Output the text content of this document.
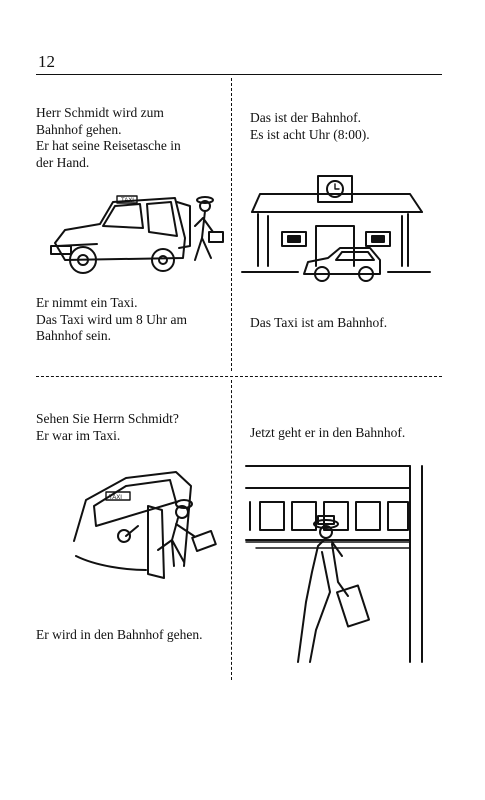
12
Herr Schmidt wird zum
Bahnhof gehen.
Er hat seine Reisetasche in
der Hand.
TAXI
Er nimmt ein Taxi.
Das Taxi wird um 8 Uhr am
Bahnhof sein.
Das ist der Bahnhof.
Es ist acht Uhr (8:00).
Das Taxi ist am Bahnhof.
Sehen Sie Herrn Schmidt?
Er war im Taxi.
TAXI
Er wird in den Bahnhof gehen.
Jetzt geht er in den Bahnhof.
